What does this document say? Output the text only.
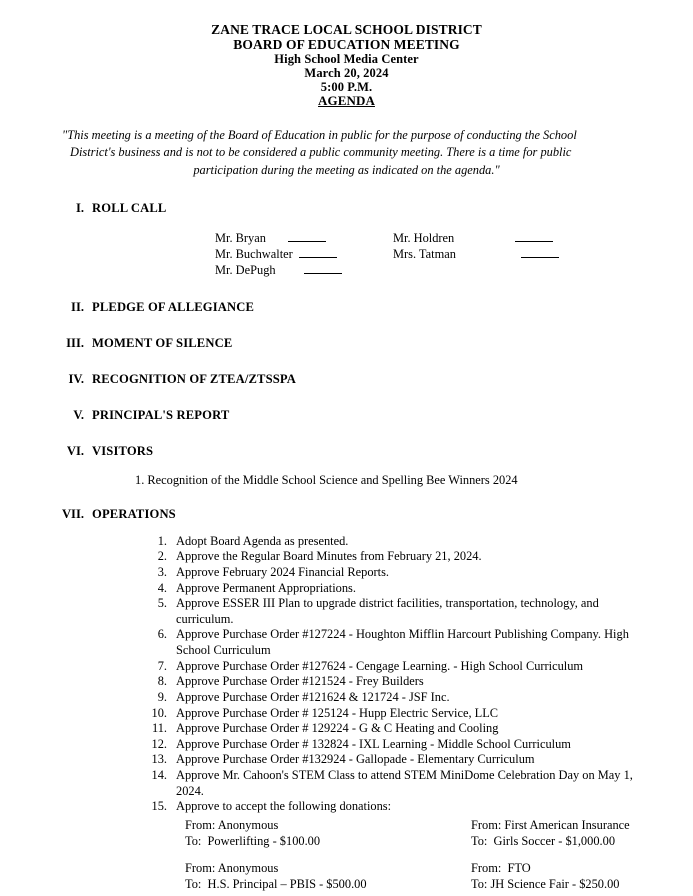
ZANE TRACE LOCAL SCHOOL DISTRICT
BOARD OF EDUCATION MEETING
High School Media Center
March 20, 2024
5:00 P.M.
AGENDA
"This meeting is a meeting of the Board of Education in public for the purpose of conducting the School
District's business and is not to be considered a public community meeting. There is a time for public
participation during the meeting as indicated on the agenda."
I. ROLL CALL
Mr. Bryan	Mr. Holdren
Mr. Buchwalter	Mrs. Tatman
Mr. DePugh
II. PLEDGE OF ALLEGIANCE
III. MOMENT OF SILENCE
IV. RECOGNITION OF ZTEA/ZTSSPA
V. PRINCIPAL'S REPORT
VI. VISITORS
1. Recognition of the Middle School Science and Spelling Bee Winners 2024
VII. OPERATIONS
1. Adopt Board Agenda as presented.
2. Approve the Regular Board Minutes from February 21, 2024.
3. Approve February 2024 Financial Reports.
4. Approve Permanent Appropriations.
5. Approve ESSER III Plan to upgrade district facilities, transportation, technology, and curriculum.
6. Approve Purchase Order #127224 - Houghton Mifflin Harcourt Publishing Company. High School Curriculum
7. Approve Purchase Order #127624 - Cengage Learning. - High School Curriculum
8. Approve Purchase Order #121524 - Frey Builders
9. Approve Purchase Order #121624 & 121724 - JSF Inc.
10. Approve Purchase Order # 125124 - Hupp Electric Service, LLC
11. Approve Purchase Order # 129224 - G & C Heating and Cooling
12. Approve Purchase Order # 132824 - IXL Learning - Middle School Curriculum
13. Approve Purchase Order #132924 - Gallopade - Elementary Curriculum
14. Approve Mr. Cahoon's STEM Class to attend STEM MiniDome Celebration Day on May 1, 2024.
15. Approve to accept the following donations:
From: Anonymous
To:  Powerlifting - $100.00
From: First American Insurance
To:  Girls Soccer - $1,000.00
From: Anonymous
To:  H.S. Principal – PBIS - $500.00
From:  FTO
To: JH Science Fair - $250.00
